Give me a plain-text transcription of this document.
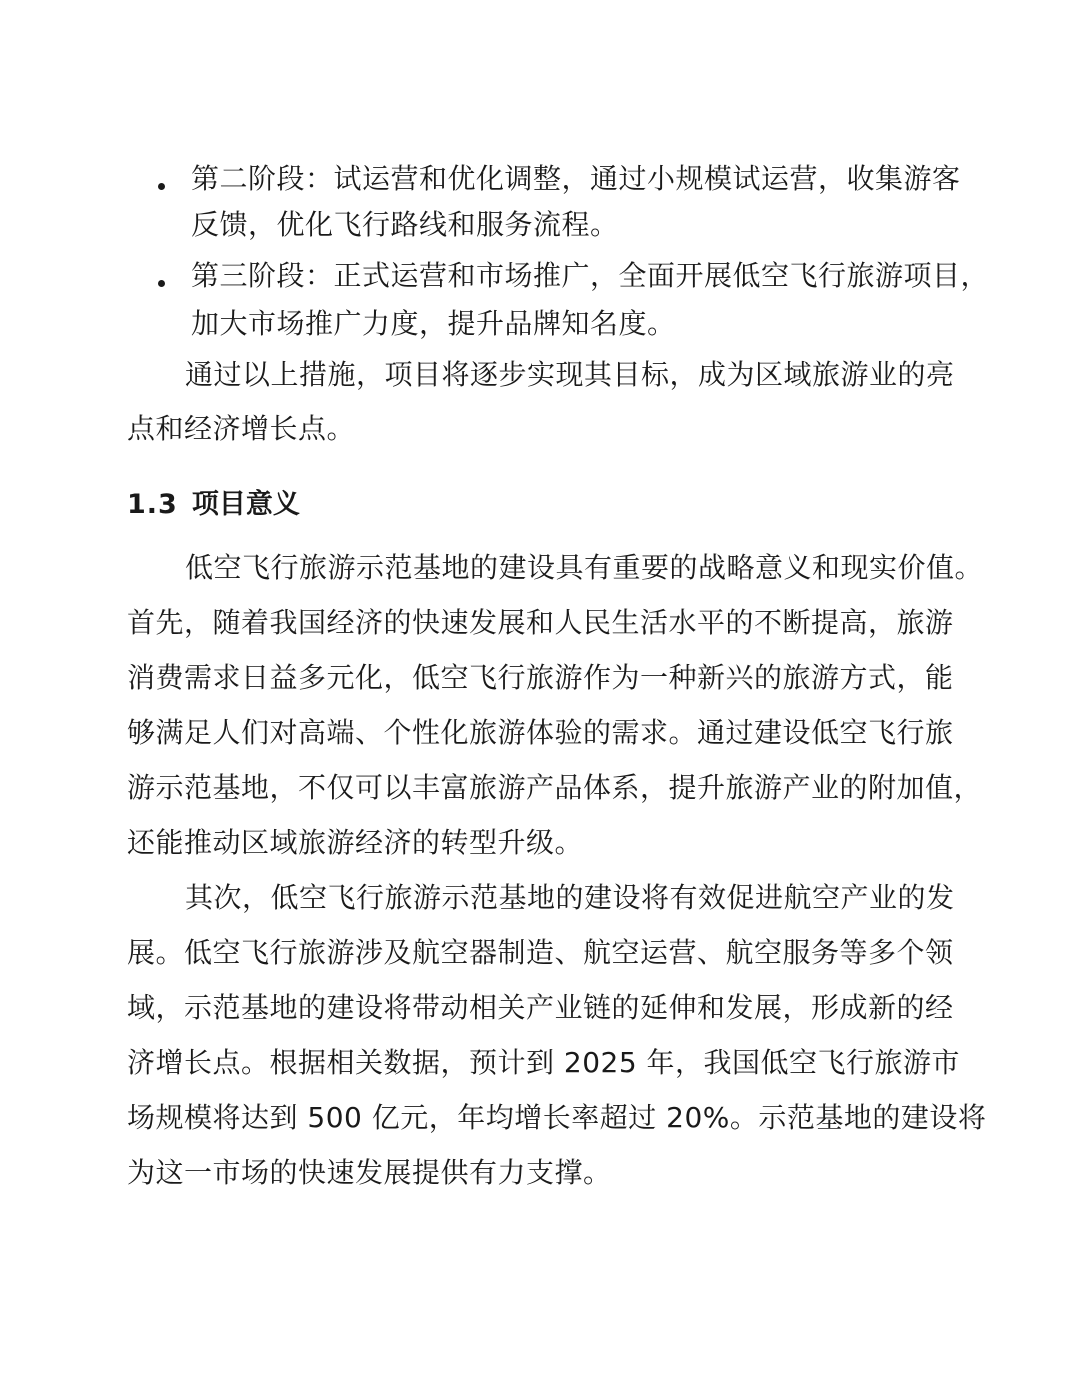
第二阶段：试运营和优化调整，通过小规模试运营，收集游客
反馈，优化飞行路线和服务流程。
第三阶段：正式运营和市场推广，全面开展低空飞行旅游项目，
加大市场推广力度，提升品牌知名度。
通过以上措施，项目将逐步实现其目标，成为区域旅游业的亮
点和经济增长点。
1.3 项目意义
低空飞行旅游示范基地的建设具有重要的战略意义和现实价值。
首先，随着我国经济的快速发展和人民生活水平的不断提高，旅游
消费需求日益多元化，低空飞行旅游作为一种新兴的旅游方式，能
够满足人们对高端、个性化旅游体验的需求。通过建设低空飞行旅
游示范基地，不仅可以丰富旅游产品体系，提升旅游产业的附加值，
还能推动区域旅游经济的转型升级。
其次，低空飞行旅游示范基地的建设将有效促进航空产业的发
展。低空飞行旅游涉及航空器制造、航空运营、航空服务等多个领
域，示范基地的建设将带动相关产业链的延伸和发展，形成新的经
济增长点。根据相关数据，预计到 2025 年，我国低空飞行旅游市
场规模将达到 500 亿元，年均增长率超过 20%。示范基地的建设将
为这一市场的快速发展提供有力支撑。
